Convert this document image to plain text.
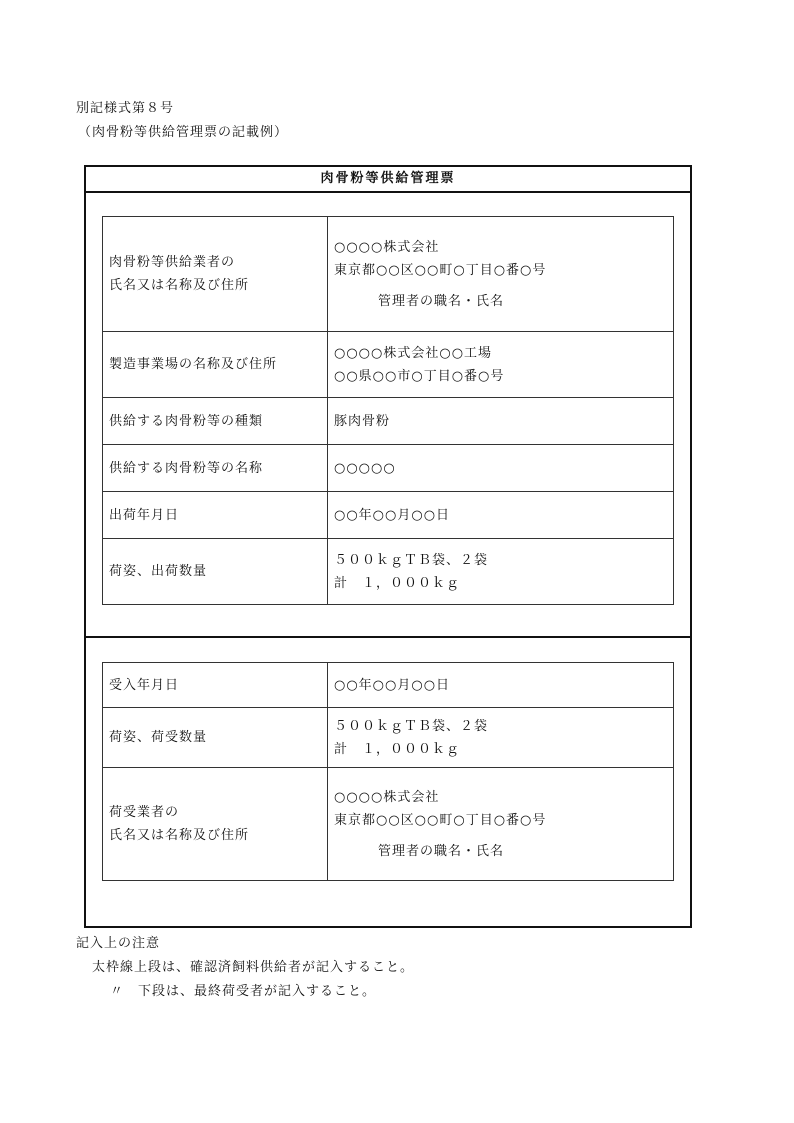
別記様式第８号
（肉骨粉等供給管理票の記載例）
肉骨粉等供給管理票
肉骨粉等供給業者の
氏名又は名称及び住所	○○○○株式会社
東京都○○区○○町○丁目○番○号
管理者の職名・氏名

製造事業場の名称及び住所	○○○○株式会社○○工場
○○県○○市○丁目○番○号

供給する肉骨粉等の種類	豚肉骨粉
供給する肉骨粉等の名称	○○○○○
出荷年月日	○○年○○月○○日
荷姿、出荷数量	５００ｋｇＴＢ袋、２袋
計　１，０００ｋｇ
受入年月日	○○年○○月○○日
荷姿、荷受数量	５００ｋｇＴＢ袋、２袋
計　１，０００ｋｇ

荷受業者の
氏名又は名称及び住所	○○○○株式会社
東京都○○区○○町○丁目○番○号
管理者の職名・氏名
記入上の注意
太枠線上段は、確認済飼料供給者が記入すること。
〃 下段は、最終荷受者が記入すること。
